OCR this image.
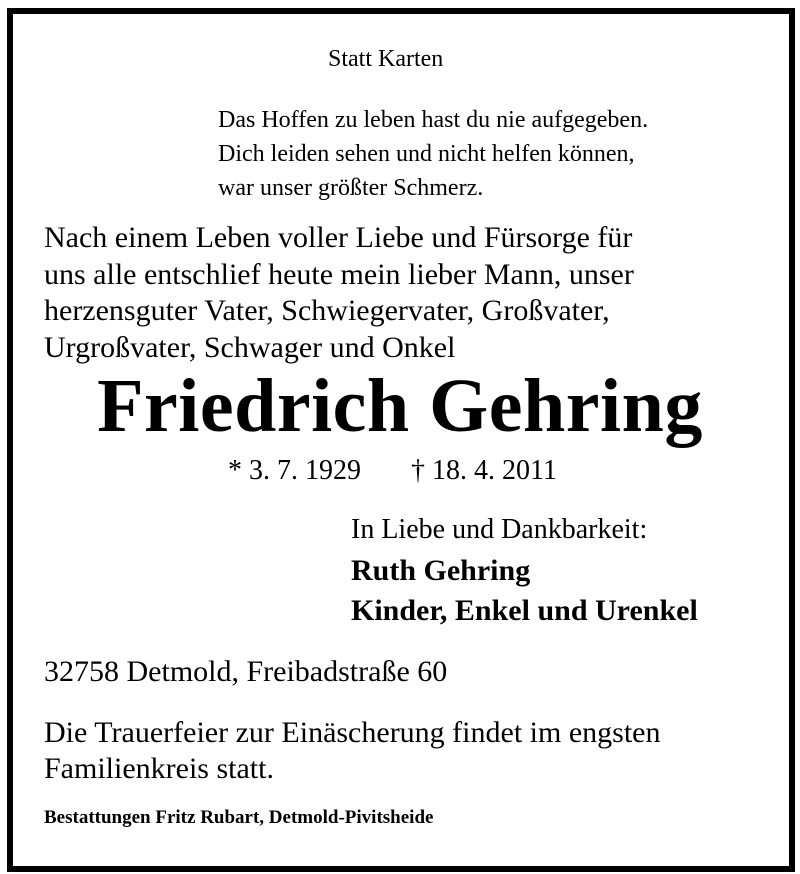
Statt Karten
Das Hoffen zu leben hast du nie aufgegeben.
Dich leiden sehen und nicht helfen können,
war unser größter Schmerz.
Nach einem Leben voller Liebe und Fürsorge für
uns alle entschlief heute mein lieber Mann, unser
herzensguter Vater, Schwiegervater, Großvater,
Urgroßvater, Schwager und Onkel
Friedrich Gehring
* 3. 7. 1929 † 18. 4. 2011
In Liebe und Dankbarkeit:
Ruth Gehring
Kinder, Enkel und Urenkel
32758 Detmold, Freibadstraße 60
Die Trauerfeier zur Einäscherung findet im engsten
Familienkreis statt.
Bestattungen Fritz Rubart, Detmold-Pivitsheide
